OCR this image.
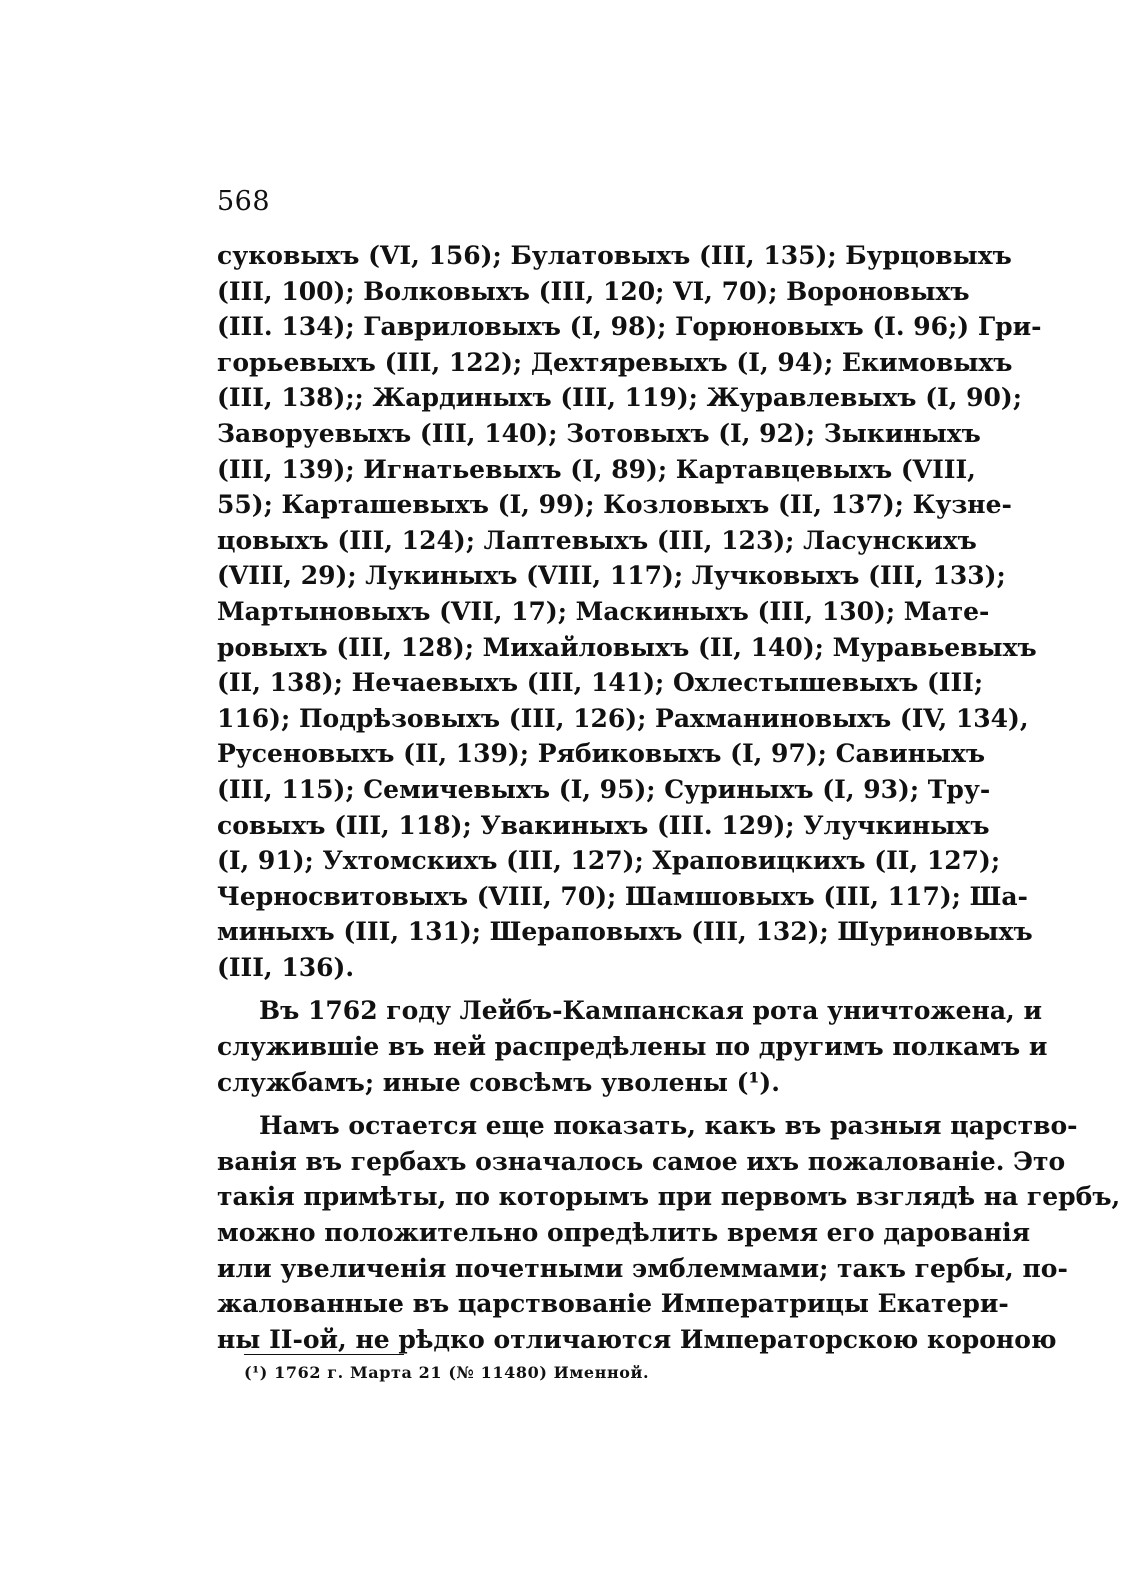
568
суковыхъ (VI, 156); Булатовыхъ (III, 135); Бурцовыхъ
(III, 100); Волковыхъ (III, 120; VI, 70); Вороновыхъ
(III. 134); Гавриловыхъ (I, 98); Горюновыхъ (I. 96;) Гри-
горьевыхъ (III, 122); Дехтяревыхъ (I, 94); Екимовыхъ
(III, 138);; Жардиныхъ (III, 119); Журавлевыхъ (I, 90);
Заворуевыхъ (III, 140); Зотовыхъ (I, 92); Зыкиныхъ
(III, 139); Игнатьевыхъ (I, 89); Картавцевыхъ (VIII,
55); Карташевыхъ (I, 99); Козловыхъ (II, 137); Кузне-
цовыхъ (III, 124); Лаптевыхъ (III, 123); Ласунскихъ
(VIII, 29); Лукиныхъ (VIII, 117); Лучковыхъ (III, 133);
Мартыновыхъ (VII, 17); Маскиныхъ (III, 130); Мате-
ровыхъ (III, 128); Михайловыхъ (II, 140); Муравьевыхъ
(II, 138); Нечаевыхъ (III, 141); Охлестышевыхъ (III;
116); Подрѣзовыхъ (III, 126); Рахманиновыхъ (IV, 134),
Русеновыхъ (II, 139); Рябиковыхъ (I, 97); Савиныхъ
(III, 115); Семичевыхъ (I, 95); Суриныхъ (I, 93); Тру-
совыхъ (III, 118); Увакиныхъ (III. 129); Улучкиныхъ
(I, 91); Ухтомскихъ (III, 127); Храповицкихъ (II, 127);
Черносвитовыхъ (VIII, 70); Шамшовыхъ (III, 117); Ша-
миныхъ (III, 131); Шераповыхъ (III, 132); Шуриновыхъ
(III, 136).
Въ 1762 году Лейбъ-Кампанская рота уничтожена, и
служившіе въ ней распредѣлены по другимъ полкамъ и
службамъ; иные совсѣмъ уволены (¹).
Намъ остается еще показать, какъ въ разныя царство-
ванія въ гербахъ означалось самое ихъ пожалованіе. Это
такія примѣты, по которымъ при первомъ взглядѣ на гербъ,
можно положительно опредѣлить время его дарованія
или увеличенія почетными эмблеммами; такъ гербы, по-
жалованные въ царствованіе Императрицы Екатери-
ны II-ой, не рѣдко отличаются Императорскою короною
(¹) 1762 г. Марта 21 (№ 11480) Именной.
